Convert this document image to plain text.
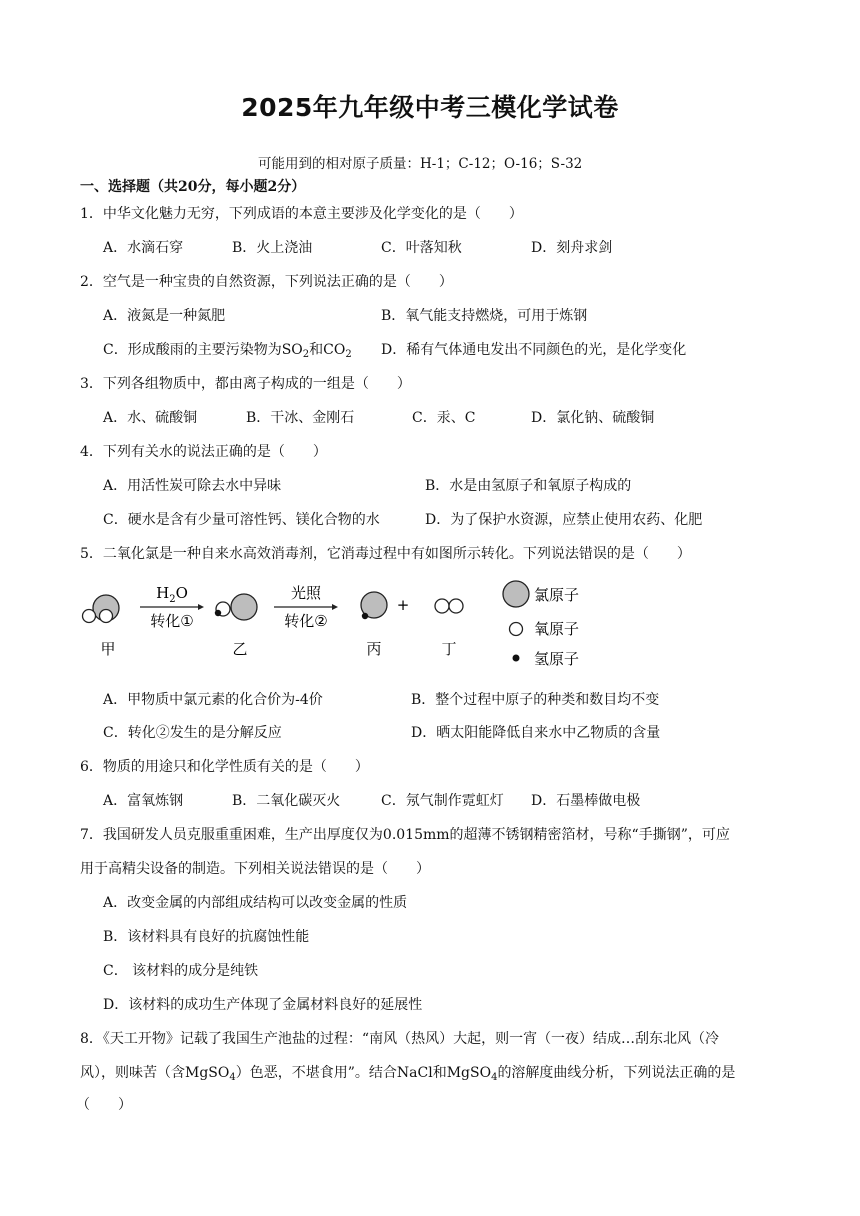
2025年九年级中考三模化学试卷
可能用到的相对原子质量：H-1；C-12；O-16；S-32
一、选择题（共20分，每小题2分）
1．中华文化魅力无穷，下列成语的本意主要涉及化学变化的是（　　）
A．水滴石穿	B．火上浇油	C．叶落知秋	D．刻舟求剑
2．空气是一种宝贵的自然资源，下列说法正确的是（　　）
A．液氮是一种氮肥	B．氧气能支持燃烧，可用于炼钢
C．形成酸雨的主要污染物为$SO_2$和$CO_2$ D．稀有气体通电发出不同颜色的光，是化学变化
3．下列各组物质中，都由离子构成的一组是（　　）
A．水、硫酸铜	B．干冰、金刚石	C．汞、C	D．氯化钠、硫酸铜
4．下列有关水的说法正确的是（　　）
A．用活性炭可除去水中异味	B．水是由氢原子和氧原子构成的
C．硬水是含有少量可溶性钙、镁化合物的水	D．为了保护水资源，应禁止使用农药、化肥
5．二氧化氯是一种自来水高效消毒剂，它消毒过程中有如图所示转化。下列说法错误的是（　　）
甲
$H_2O$
转化①
乙
光照
转化②
丙
+
丁
氯原子
氧原子
氢原子
A．甲物质中氯元素的化合价为-4价	B．整个过程中原子的种类和数目均不变
C．转化②发生的是分解反应	D．晒太阳能降低自来水中乙物质的含量
6．物质的用途只和化学性质有关的是（　　）
A．富氧炼钢	B．二氧化碳灭火	C．氖气制作霓虹灯 D．石墨棒做电极
7．我国研发人员克服重重困难，生产出厚度仅为0.015mm的超薄不锈钢精密箔材，号称“手撕钢”，可应
用于高精尖设备的制造。下列相关说法错误的是（　　）
A．改变金属的内部组成结构可以改变金属的性质
B．该材料具有良好的抗腐蚀性能
C． 该材料的成分是纯铁
D．该材料的成功生产体现了金属材料良好的延展性
8．《天工开物》记载了我国生产池盐的过程：“南风（热风）大起，则一宵（一夜）结成…刮东北风（冷
风），则味苦（含MgSO$_4$）色恶，不堪食用”。结合NaCl和MgSO$_4$的溶解度曲线分析，下列说法正确的是
（　　）
